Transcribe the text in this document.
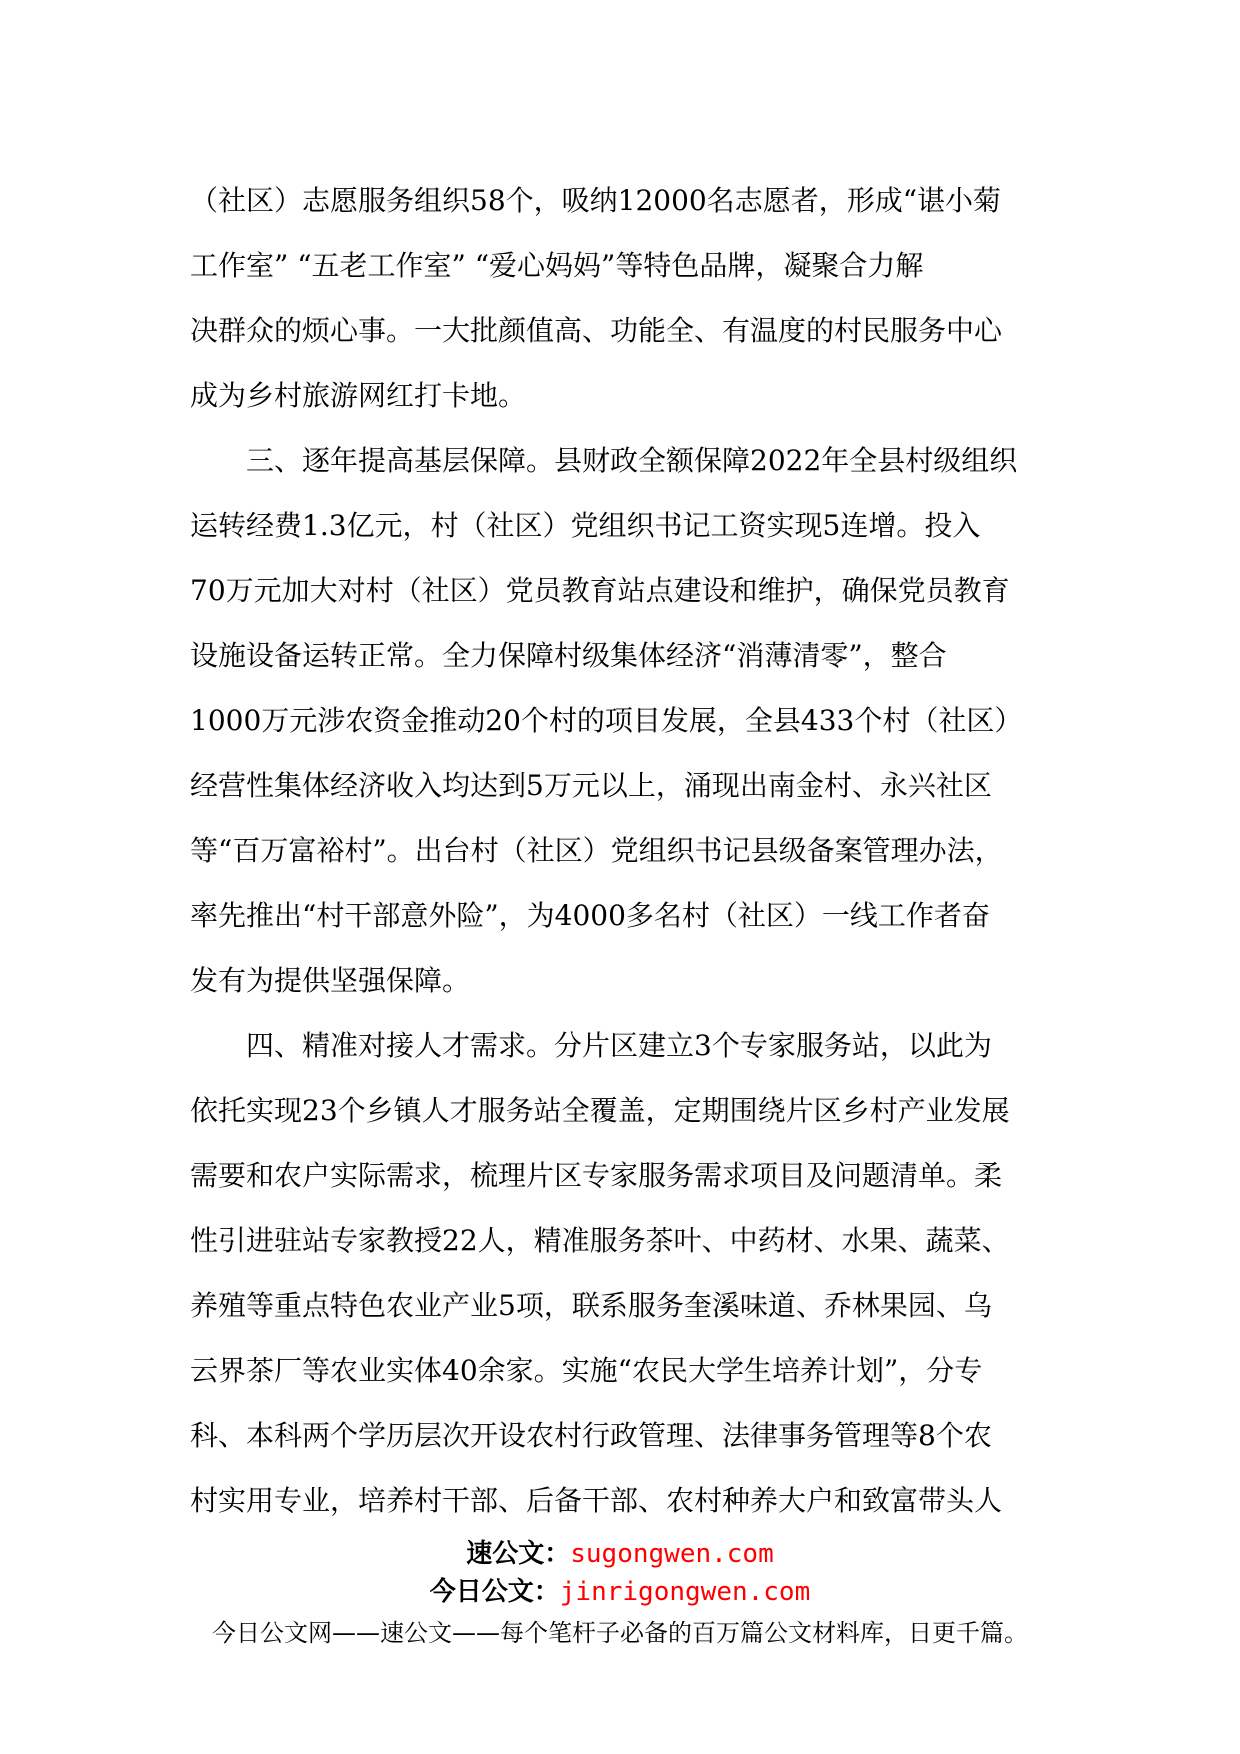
（社区）志愿服务组织58个，吸纳12000名志愿者，形成“谌小菊
工作室” “五老工作室” “爱心妈妈”等特色品牌，凝聚合力解
决群众的烦心事。一大批颜值高、功能全、有温度的村民服务中心
成为乡村旅游网红打卡地。
三、逐年提高基层保障。县财政全额保障2022年全县村级组织
运转经费1.3亿元，村（社区）党组织书记工资实现5连增。投入
70万元加大对村（社区）党员教育站点建设和维护，确保党员教育
设施设备运转正常。全力保障村级集体经济“消薄清零”，整合
1000万元涉农资金推动20个村的项目发展，全县433个村（社区）
经营性集体经济收入均达到5万元以上，涌现出南金村、永兴社区
等“百万富裕村”。出台村（社区）党组织书记县级备案管理办法，
率先推出“村干部意外险”，为4000多名村（社区）一线工作者奋
发有为提供坚强保障。
四、精准对接人才需求。分片区建立3个专家服务站，以此为
依托实现23个乡镇人才服务站全覆盖，定期围绕片区乡村产业发展
需要和农户实际需求，梳理片区专家服务需求项目及问题清单。柔
性引进驻站专家教授22人，精准服务茶叶、中药材、水果、蔬菜、
养殖等重点特色农业产业5项，联系服务奎溪味道、乔林果园、乌
云界茶厂等农业实体40余家。实施“农民大学生培养计划”，分专
科、本科两个学历层次开设农村行政管理、法律事务管理等8个农
村实用专业，培养村干部、后备干部、农村种养大户和致富带头人
速公文：sugongwen.com
今日公文：jinrigongwen.com
今日公文网——速公文——每个笔杆子必备的百万篇公文材料库，日更千篇。
